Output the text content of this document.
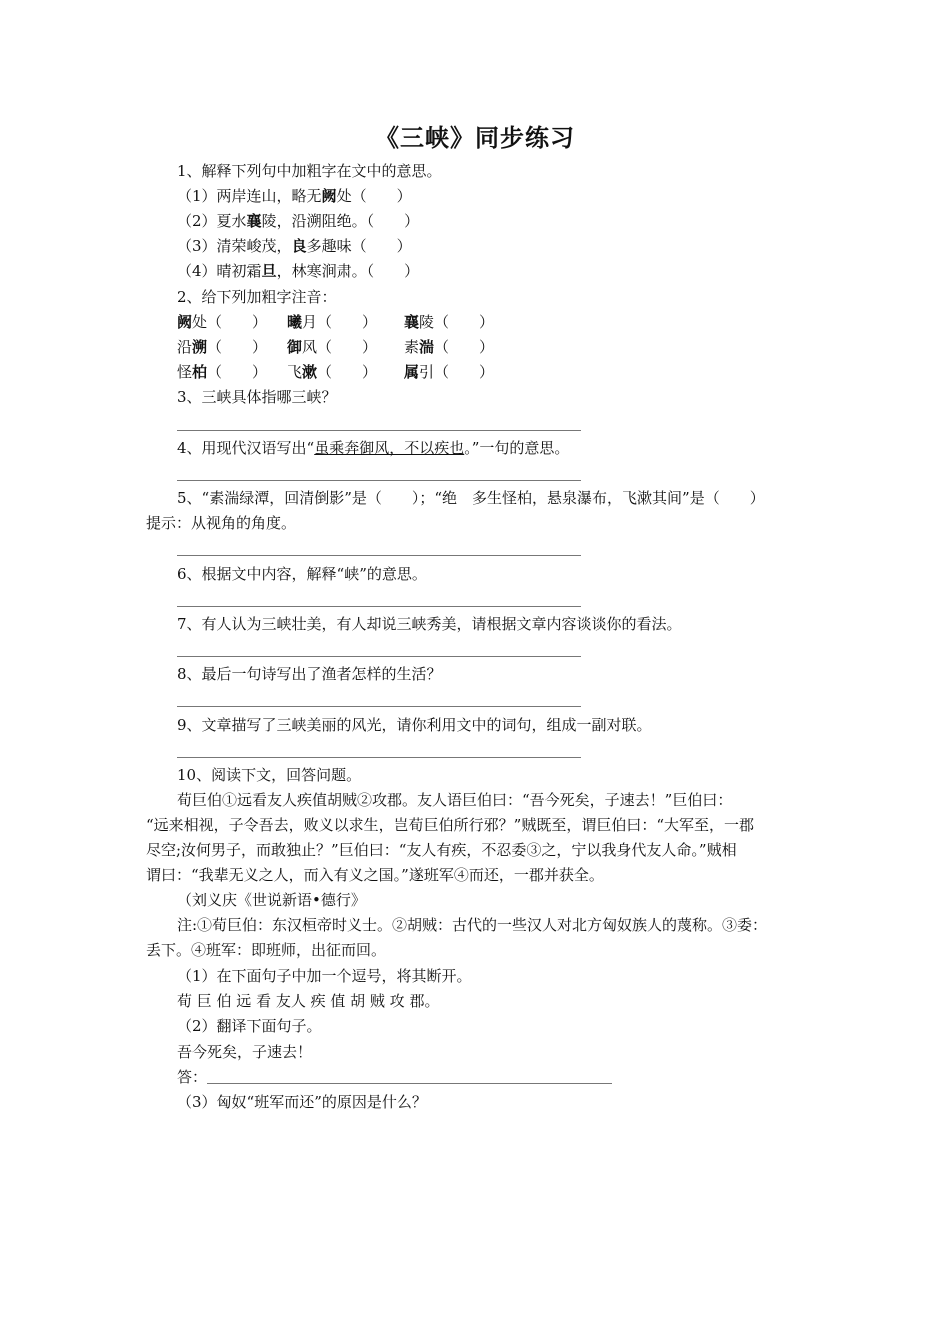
《三峡》同步练习
1、解释下列句中加粗字在文中的意思。
（1）两岸连山，略无阙处（　　）
（2）夏水襄陵，沿溯阻绝。（　　）
（3）清荣峻茂，良多趣味（　　）
（4）晴初霜旦，林寒涧肃。（　　）
2、给下列加粗字注音：
阙处（　　） 曦月（　　） 襄陵（　　）
沿溯（　　） 御风（　　） 素湍（　　）
怪柏（　　） 飞漱（　　） 属引（　　）
3、三峡具体指哪三峡？
4、用现代汉语写出“虽乘奔御风，不以疾也。”一句的意思。
5、“素湍绿潭，回清倒影”是（　　）；“绝　多生怪柏，悬泉瀑布，飞漱其间”是（　　）
提示：从视角的角度。
6、根据文中内容，解释“峡”的意思。
7、有人认为三峡壮美，有人却说三峡秀美，请根据文章内容谈谈你的看法。
8、最后一句诗写出了渔者怎样的生活？
9、文章描写了三峡美丽的风光，请你利用文中的词句，组成一副对联。
10、阅读下文，回答问题。
荀巨伯①远看友人疾值胡贼②攻郡。友人语巨伯曰：“吾今死矣，子速去！”巨伯曰：
“远来相视，子令吾去，败义以求生，岂荀巨伯所行邪？”贼既至，谓巨伯曰：“大军至，一郡
尽空;汝何男子，而敢独止？”巨伯曰：“友人有疾，不忍委③之，宁以我身代友人命。”贼相
谓曰：“我辈无义之人，而入有义之国。”遂班军④而还，一郡并获全。
（刘义庆《世说新语•德行》
注:①荀巨伯：东汉桓帝时义士。②胡贼：古代的一些汉人对北方匈奴族人的蔑称。③委：
丢下。④班军：即班师，出征而回。
（1）在下面句子中加一个逗号，将其断开。
荀 巨 伯 远 看 友人 疾 值 胡 贼 攻 郡。
（2）翻译下面句子。
吾今死矣，子速去！
答：
（3）匈奴“班军而还”的原因是什么？
